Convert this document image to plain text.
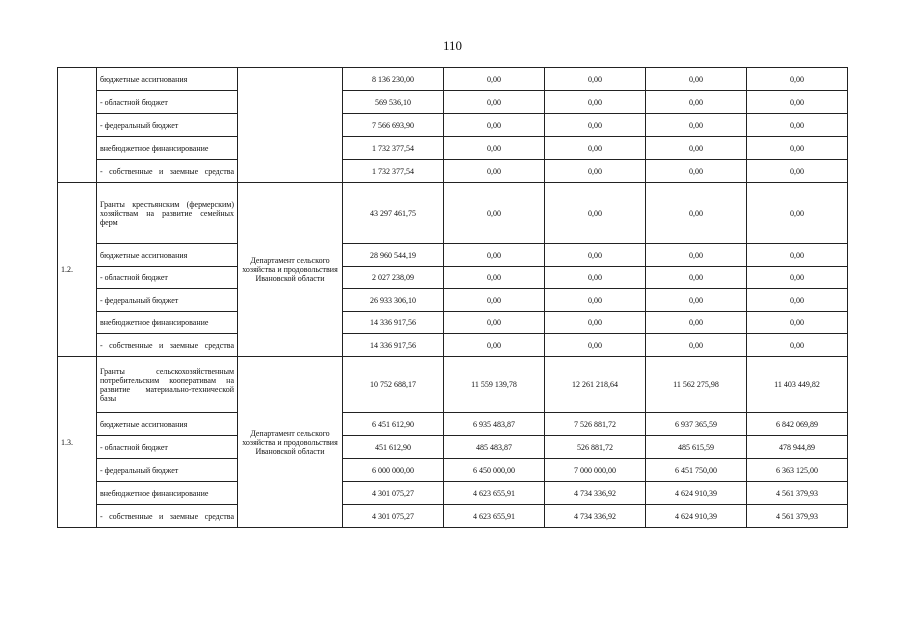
110
	бюджетные ассигнования		8 136 230,00	0,00	0,00	0,00	0,00
	- областной бюджет		569 536,10	0,00	0,00	0,00	0,00
	- федеральный бюджет		7 566 693,90	0,00	0,00	0,00	0,00
	внебюджетное финансирование		1 732 377,54	0,00	0,00	0,00	0,00
	- собственные и заемные средства		1 732 377,54	0,00	0,00	0,00	0,00
1.2.	Гранты крестьянским (фермерским) хозяйствам на развитие семейных ферм	Департамент сельского хозяйства и продовольствия Ивановской области	43 297 461,75	0,00	0,00	0,00	0,00
	бюджетные ассигнования		28 960 544,19	0,00	0,00	0,00	0,00
	- областной бюджет		2 027 238,09	0,00	0,00	0,00	0,00
	- федеральный бюджет		26 933 306,10	0,00	0,00	0,00	0,00
	внебюджетное финансирование		14 336 917,56	0,00	0,00	0,00	0,00
	- собственные и заемные средства		14 336 917,56	0,00	0,00	0,00	0,00
1.3.	Гранты сельскохозяйственным потребительским кооперативам на развитие материально-технической базы	Департамент сельского хозяйства и продовольствия Ивановской области	10 752 688,17	11 559 139,78	12 261 218,64	11 562 275,98	11 403 449,82
	бюджетные ассигнования		6 451 612,90	6 935 483,87	7 526 881,72	6 937 365,59	6 842 069,89
	- областной бюджет		451 612,90	485 483,87	526 881,72	485 615,59	478 944,89
	- федеральный бюджет		6 000 000,00	6 450 000,00	7 000 000,00	6 451 750,00	6 363 125,00
	внебюджетное финансирование		4 301 075,27	4 623 655,91	4 734 336,92	4 624 910,39	4 561 379,93
	- собственные и заемные средства		4 301 075,27	4 623 655,91	4 734 336,92	4 624 910,39	4 561 379,93
